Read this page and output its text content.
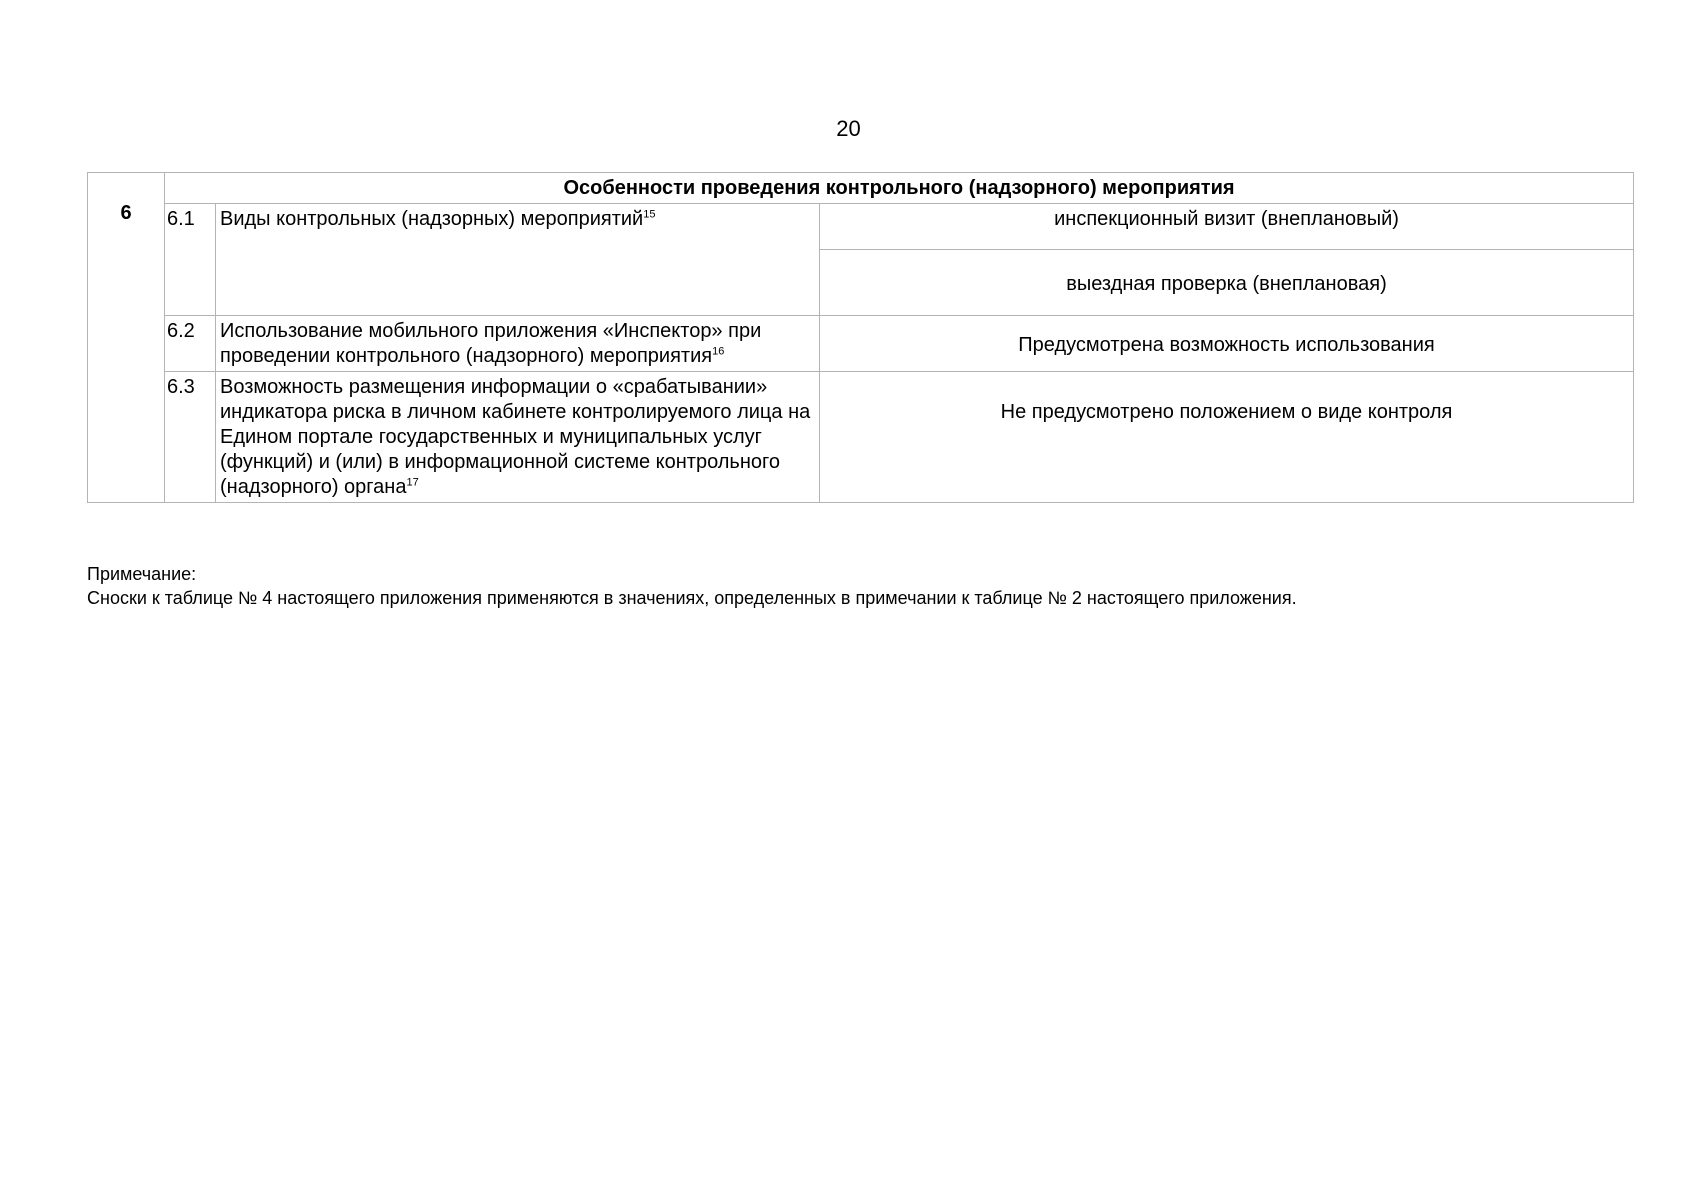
20
6	Особенности проведения контрольного (надзорного) мероприятия		
	6.1	Виды контрольных (надзорных) мероприятий$^{15}$	инспекционный визит (внеплановый)
			выездная проверка (внеплановая)
	6.2	Использование мобильного приложения «Инспектор» при проведении контрольного (надзорного) мероприятия$^{16}$	Предусмотрена возможность использования
	6.3	Возможность размещения информации о «срабатывании» индикатора риска в личном кабинете контролируемого лица на Едином портале государственных и муниципальных услуг (функций) и (или) в информационной системе контрольного (надзорного) органа$^{17}$	Не предусмотрено положением о виде контроля
Примечание:
Сноски к таблице № 4 настоящего приложения применяются в значениях, определенных в примечании к таблице № 2 настоящего приложения.
